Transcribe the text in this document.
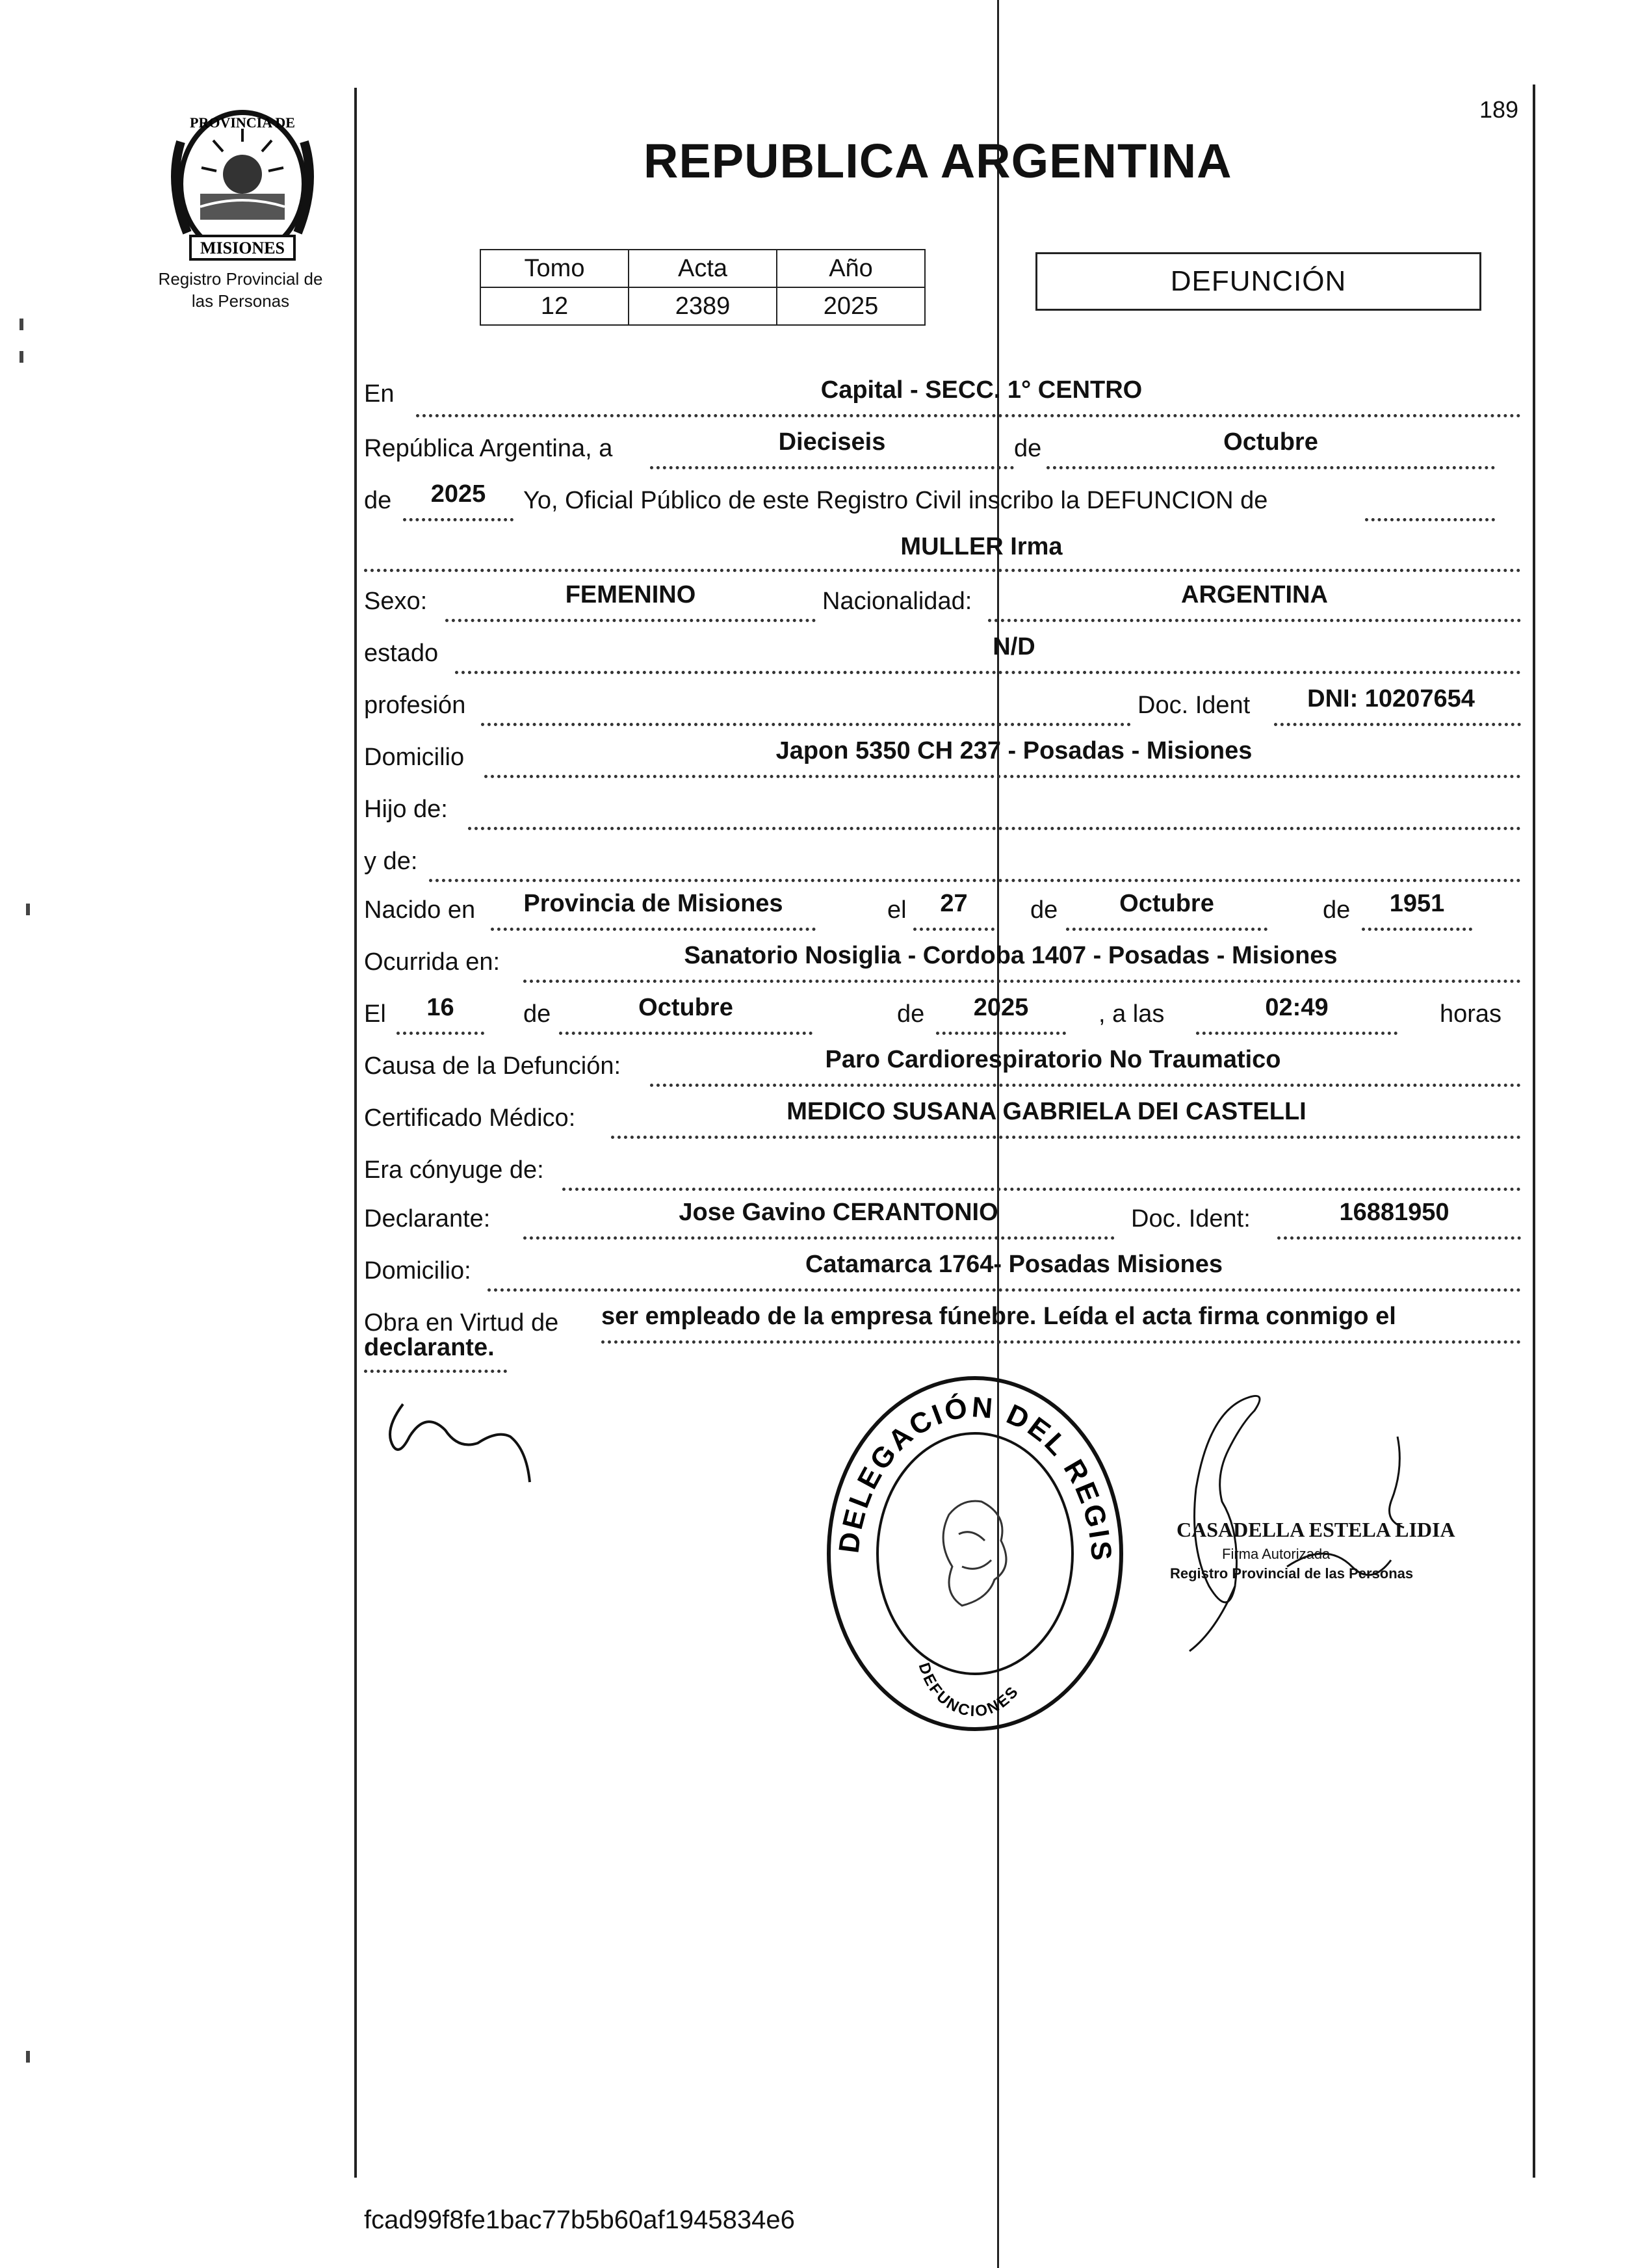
189
PROVINCIA DE
MISIONES
Registro Provincial de
las Personas
REPUBLICA ARGENTINA
Tomo	Acta	Año
12	2389	2025
DEFUNCIÓN
En	Capital - SECC. 1° CENTRO
República Argentina, a	Dieciseis	de	Octubre
de	2025	Yo, Oficial Público de este Registro Civil inscribo la DEFUNCION de
MULLER Irma
Sexo:	FEMENINO	Nacionalidad:	ARGENTINA
estado	N/D
profesión	Doc. Ident	DNI: 10207654
Domicilio	Japon 5350 CH 237 - Posadas - Misiones
Hijo de:
y de:
Nacido en	Provincia de Misiones	el	27	de	Octubre	de	1951
Ocurrida en:	Sanatorio Nosiglia - Cordoba 1407 - Posadas - Misiones
El	16	de	Octubre	de	2025	, a las	02:49	horas
Causa de la Defunción:	Paro Cardiorespiratorio No Traumatico
Certificado Médico:	MEDICO SUSANA GABRIELA DEI CASTELLI
Era cónyuge de:
Declarante:	Jose Gavino CERANTONIO	Doc. Ident:	16881950
Domicilio:	Catamarca 1764- Posadas Misiones
Obra en Virtud de ser empleado de la empresa fúnebre. Leída el acta firma conmigo el
declarante.
DELEGACIÓN DEL REGIS
DEFUNCIONES
CASADELLA ESTELA LIDIA
Firma Autorizada
Registro Provincial de las Personas
fcad99f8fe1bac77b5b60af1945834e6
